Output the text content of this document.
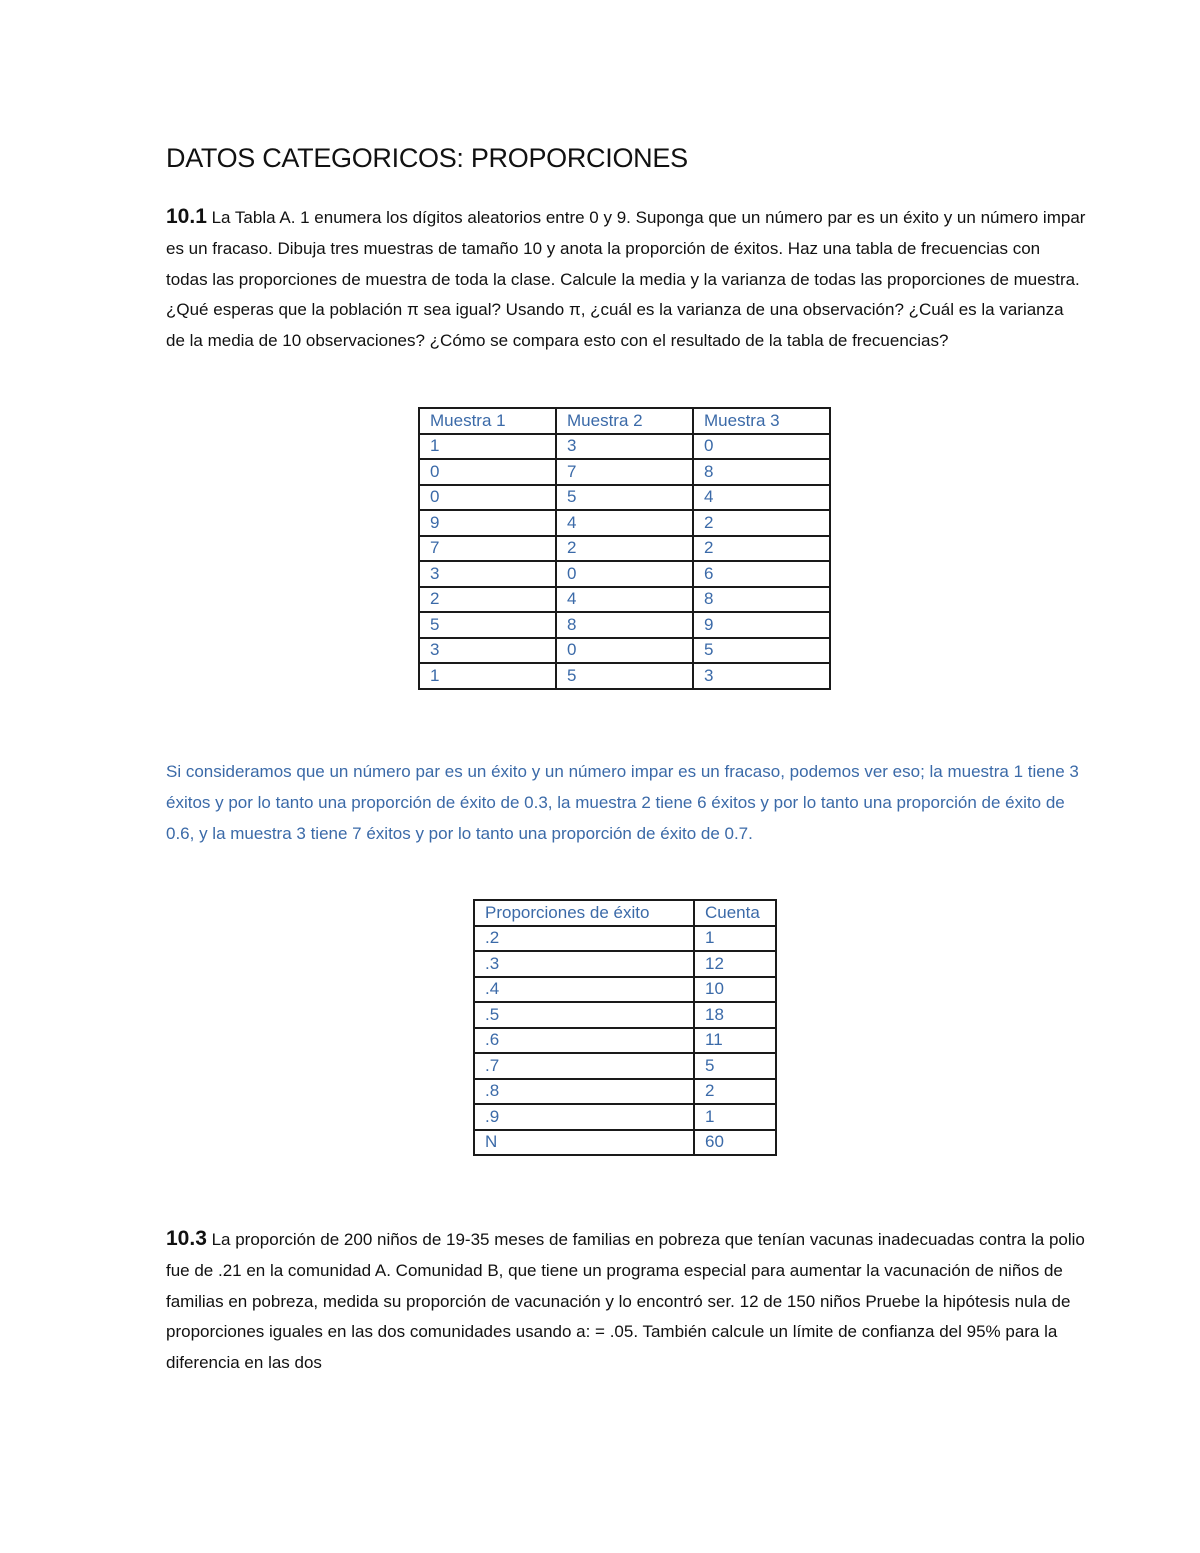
DATOS CATEGORICOS: PROPORCIONES

10.1 La Tabla A. 1 enumera los dígitos aleatorios entre 0 y 9. Suponga que un número par es un éxito y un número impar es un fracaso. Dibuja tres muestras de tamaño 10 y anota la proporción de éxitos. Haz una tabla de frecuencias con todas las proporciones de muestra de toda la clase. Calcule la media y la varianza de todas las proporciones de muestra. ¿Qué esperas que la población π sea igual? Usando π, ¿cuál es la varianza de una observación? ¿Cuál es la varianza de la media de 10 observaciones? ¿Cómo se compara esto con el resultado de la tabla de frecuencias?

Muestra 1	Muestra 2	Muestra 3
1	3	0
0	7	8
0	5	4
9	4	2
7	2	2
3	0	6
2	4	8
5	8	9
3	0	5
1	5	3

Si consideramos que un número par es un éxito y un número impar es un fracaso, podemos ver eso; la muestra 1 tiene 3 éxitos y por lo tanto una proporción de éxito de 0.3, la muestra 2 tiene 6 éxitos y por lo tanto una proporción de éxito de 0.6, y la muestra 3 tiene 7 éxitos y por lo tanto una proporción de éxito de 0.7.

Proporciones de éxito	Cuenta
.2	1
.3	12
.4	10
.5	18
.6	11
.7	5
.8	2
.9	1
N	60

10.3 La proporción de 200 niños de 19-35 meses de familias en pobreza que tenían vacunas inadecuadas contra la polio fue de .21 en la comunidad A. Comunidad B, que tiene un programa especial para aumentar la vacunación de niños de familias en pobreza, medida su proporción de vacunación y lo encontró ser. 12 de 150 niños Pruebe la hipótesis nula de proporciones iguales en las dos comunidades usando a: = .05. También calcule un límite de confianza del 95% para la diferencia en las dos
